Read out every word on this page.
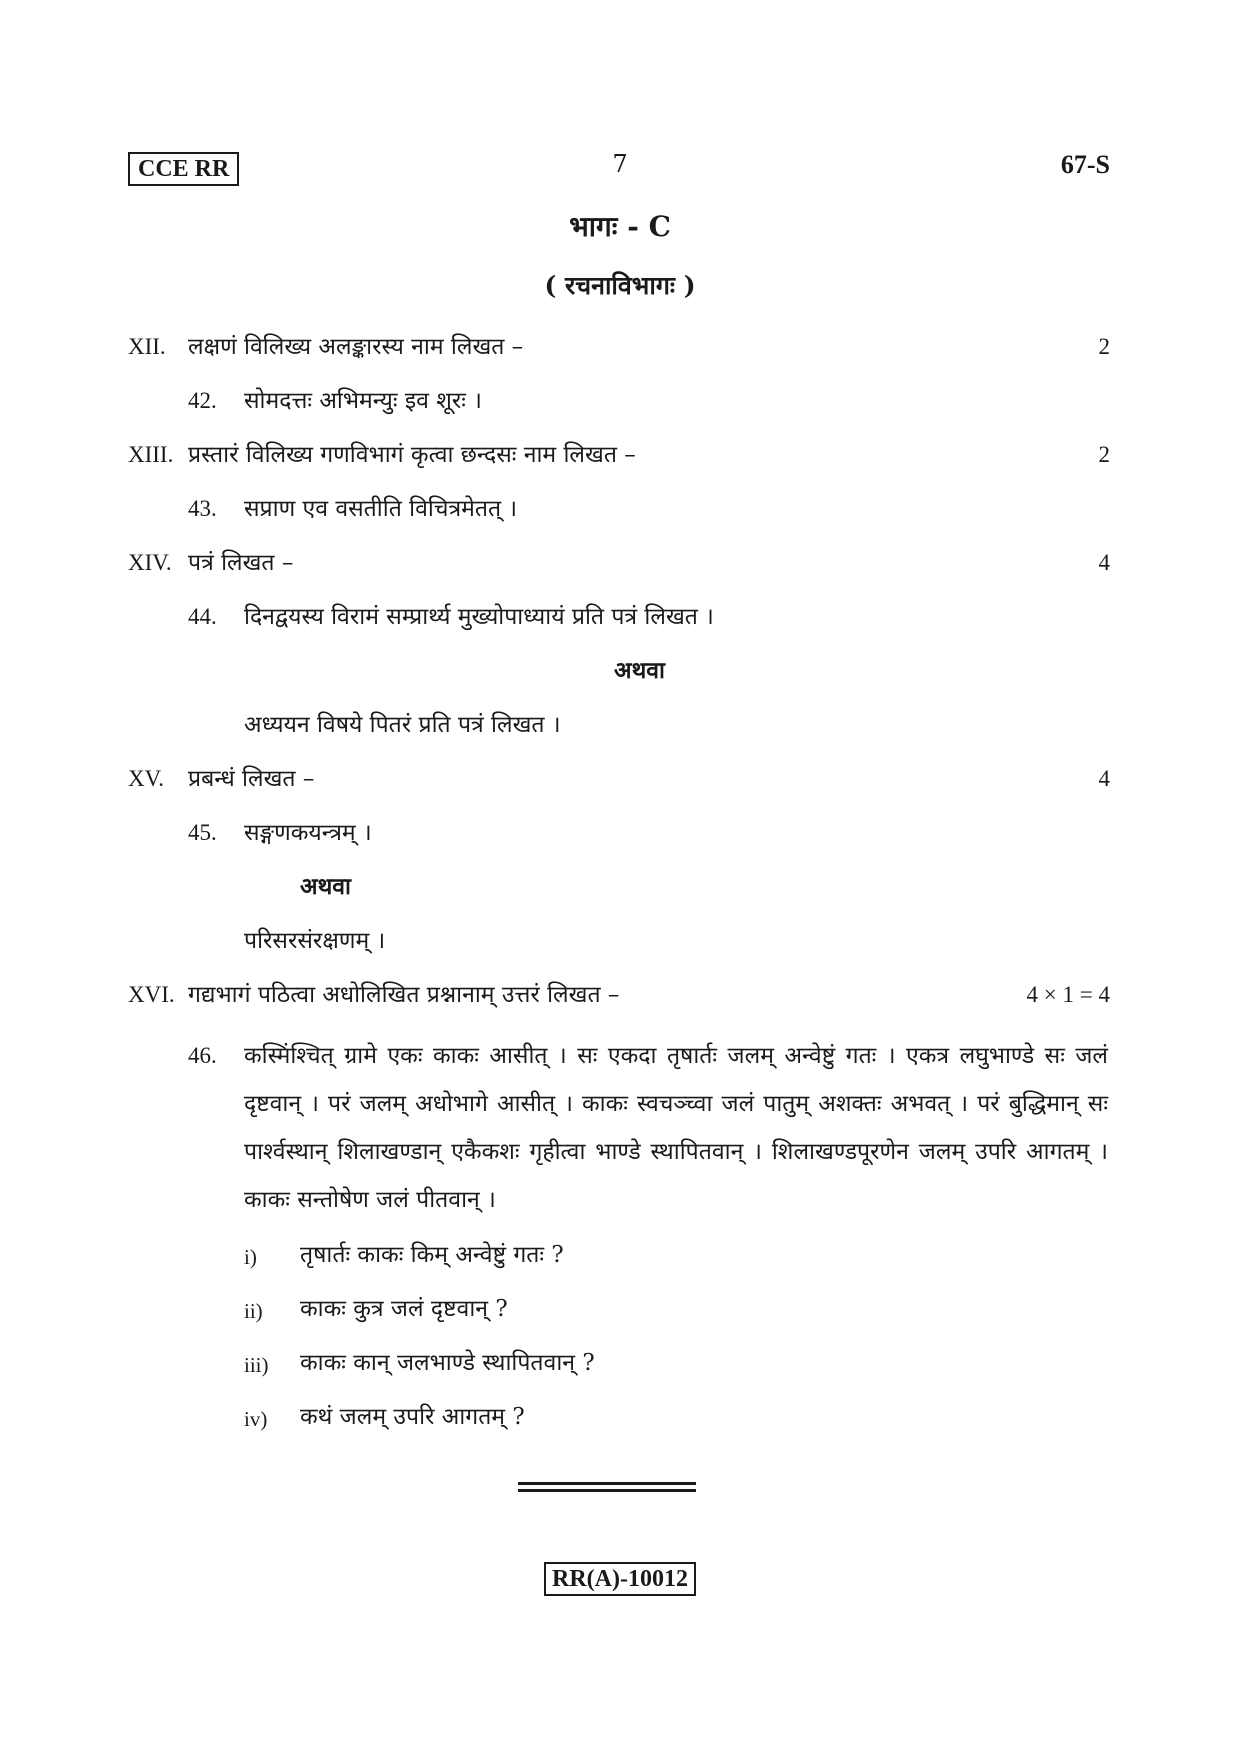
CCE RR	7	67-S
भागः - C
( रचनाविभागः )
XII. लक्षणं विलिख्य अलङ्कारस्य नाम लिखत –	2
42. सोमदत्तः अभिमन्युः इव शूरः ।
XIII. प्रस्तारं विलिख्य गणविभागं कृत्वा छन्दसः नाम लिखत –	2
43. सप्राण एव वसतीति विचित्रमेतत् ।
XIV. पत्रं लिखत –	4
44. दिनद्वयस्य विरामं सम्प्रार्थ्य मुख्योपाध्यायं प्रति पत्रं लिखत ।
अथवा
अध्ययन विषये पितरं प्रति पत्रं लिखत ।
XV. प्रबन्धं लिखत –	4
45. सङ्गणकयन्त्रम् ।
अथवा
परिसरसंरक्षणम् ।
XVI. गद्यभागं पठित्वा अधोलिखित प्रश्नानाम् उत्तरं लिखत –	4 × 1 = 4
46. कस्मिंश्चित् ग्रामे एकः काकः आसीत् । सः एकदा तृषार्तः जलम् अन्वेष्टुं गतः । एकत्र लघुभाण्डे सः जलं दृष्टवान् । परं जलम् अधोभागे आसीत् । काकः स्वचञ्च्वा जलं पातुम् अशक्तः अभवत् । परं बुद्धिमान् सः पार्श्वस्थान् शिलाखण्डान् एकैकशः गृहीत्वा भाण्डे स्थापितवान् । शिलाखण्डपूरणेन जलम् उपरि आगतम् । काकः सन्तोषेण जलं पीतवान् ।
i) तृषार्तः काकः किम् अन्वेष्टुं गतः ?
ii) काकः कुत्र जलं दृष्टवान् ?
iii) काकः कान् जलभाण्डे स्थापितवान् ?
iv) कथं जलम् उपरि आगतम् ?
RR(A)-10012
